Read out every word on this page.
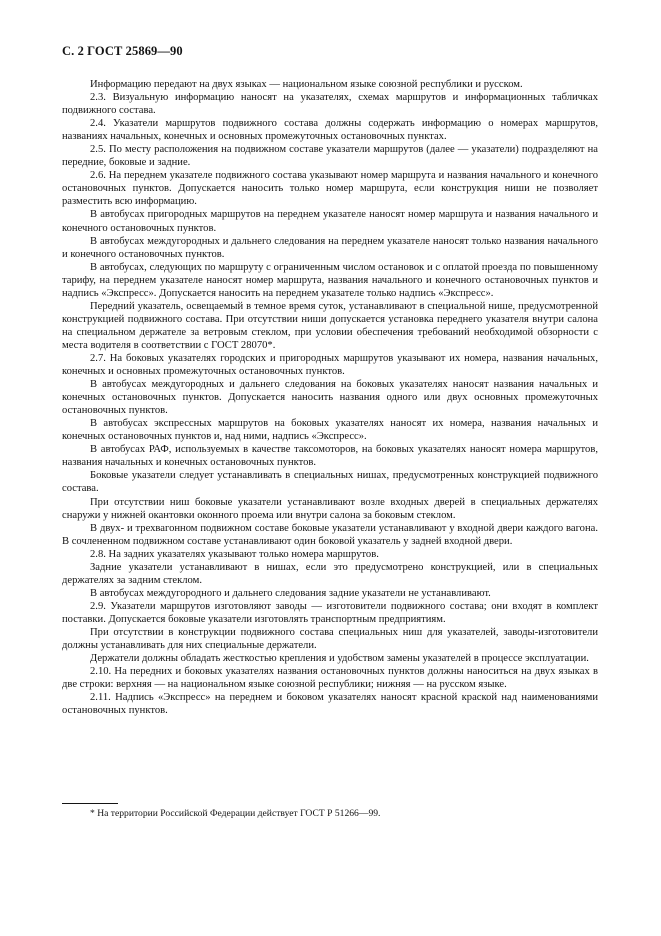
С. 2 ГОСТ 25869—90

Информацию передают на двух языках — национальном языке союзной республики и русском.

2.3. Визуальную информацию наносят на указателях, схемах маршрутов и информационных табличках подвижного состава.

2.4. Указатели маршрутов подвижного состава должны содержать информацию о номерах маршрутов, названиях начальных, конечных и основных промежуточных остановочных пунктах.

2.5. По месту расположения на подвижном составе указатели маршрутов (далее — указатели) подразделяют на передние, боковые и задние.

2.6. На переднем указателе подвижного состава указывают номер маршрута и названия начального и конечного остановочных пунктов. Допускается наносить только номер маршрута, если конструкция ниши не позволяет разместить всю информацию.

В автобусах пригородных маршрутов на переднем указателе наносят номер маршрута и названия начального и конечного остановочных пунктов.

В автобусах междугородных и дальнего следования на переднем указателе наносят только названия начального и конечного остановочных пунктов.

В автобусах, следующих по маршруту с ограниченным числом остановок и с оплатой проезда по повышенному тарифу, на переднем указателе наносят номер маршрута, названия начального и конечного остановочных пунктов и надпись «Экспресс». Допускается наносить на переднем указателе только надпись «Экспресс».

Передний указатель, освещаемый в темное время суток, устанавливают в специальной нише, предусмотренной конструкцией подвижного состава. При отсутствии ниши допускается установка переднего указателя внутри салона на специальном держателе за ветровым стеклом, при условии обеспечения требований необходимой обзорности с места водителя в соответствии с ГОСТ 28070*.

2.7. На боковых указателях городских и пригородных маршрутов указывают их номера, названия начальных, конечных и основных промежуточных остановочных пунктов.

В автобусах междугородных и дальнего следования на боковых указателях наносят названия начальных и конечных остановочных пунктов. Допускается наносить названия одного или двух основных промежуточных остановочных пунктов.

В автобусах экспрессных маршрутов на боковых указателях наносят их номера, названия начальных и конечных остановочных пунктов и, над ними, надпись «Экспресс».

В автобусах РАФ, используемых в качестве таксомоторов, на боковых указателях наносят номера маршрутов, названия начальных и конечных остановочных пунктов.

Боковые указатели следует устанавливать в специальных нишах, предусмотренных конструкцией подвижного состава.

При отсутствии ниш боковые указатели устанавливают возле входных дверей в специальных держателях снаружи у нижней окантовки оконного проема или внутри салона за боковым стеклом.

В двух- и трехвагонном подвижном составе боковые указатели устанавливают у входной двери каждого вагона. В сочлененном подвижном составе устанавливают один боковой указатель у задней входной двери.

2.8. На задних указателях указывают только номера маршрутов.

Задние указатели устанавливают в нишах, если это предусмотрено конструкцией, или в специальных держателях за задним стеклом.

В автобусах междугородного и дальнего следования задние указатели не устанавливают.

2.9. Указатели маршрутов изготовляют заводы — изготовители подвижного состава; они входят в комплект поставки. Допускается боковые указатели изготовлять транспортным предприятиям.

При отсутствии в конструкции подвижного состава специальных ниш для указателей, заводы-изготовители должны устанавливать для них специальные держатели.

Держатели должны обладать жесткостью крепления и удобством замены указателей в процессе эксплуатации.

2.10. На передних и боковых указателях названия остановочных пунктов должны наноситься на двух языках в две строки: верхняя — на национальном языке союзной республики; нижняя — на русском языке.

2.11. Надпись «Экспресс» на переднем и боковом указателях наносят красной краской над наименованиями остановочных пунктов.

* На территории Российской Федерации действует ГОСТ Р 51266—99.
